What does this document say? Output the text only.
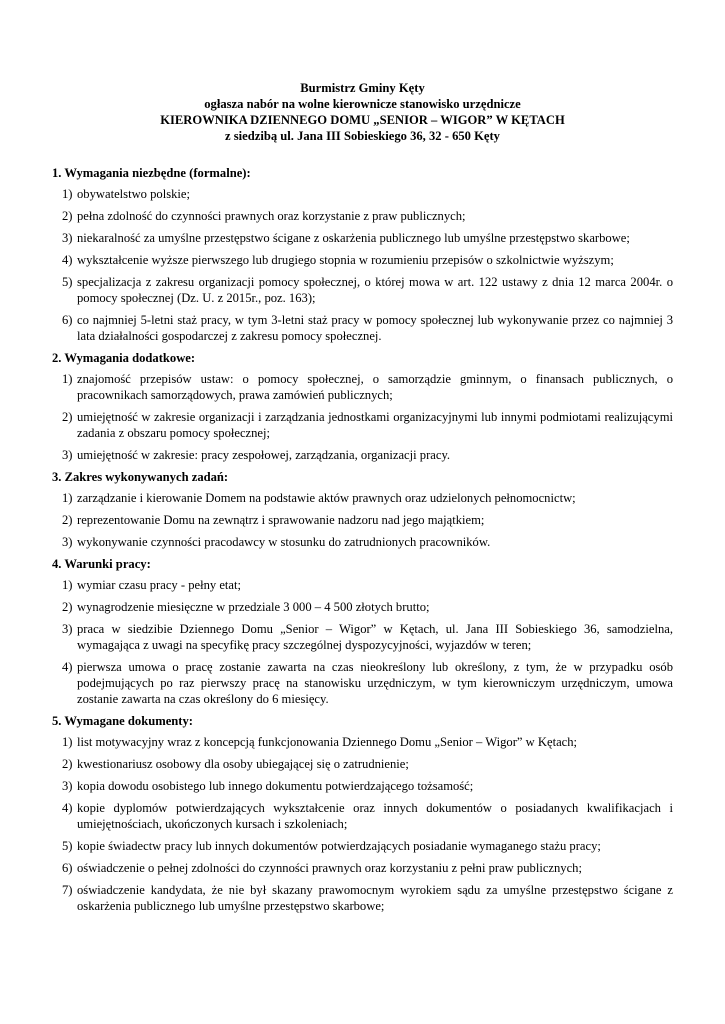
Burmistrz Gminy Kęty
ogłasza nabór na wolne kierownicze stanowisko urzędnicze
KIEROWNIKA DZIENNEGO DOMU „SENIOR – WIGOR” W KĘTACH
z siedzibą ul. Jana III Sobieskiego 36, 32 - 650 Kęty
1. Wymagania niezbędne (formalne):
1) obywatelstwo polskie;
2) pełna zdolność do czynności prawnych oraz korzystanie z praw publicznych;
3) niekaralność za umyślne przestępstwo ścigane z oskarżenia publicznego lub umyślne przestępstwo skarbowe;
4) wykształcenie wyższe pierwszego lub drugiego stopnia w rozumieniu przepisów o szkolnictwie wyższym;
5) specjalizacja z zakresu organizacji pomocy społecznej, o której mowa w art. 122 ustawy z dnia 12 marca 2004r. o pomocy społecznej (Dz. U. z 2015r., poz. 163);
6) co najmniej 5-letni staż pracy, w tym 3-letni staż pracy w pomocy społecznej lub wykonywanie przez co najmniej 3 lata działalności gospodarczej z zakresu pomocy społecznej.
2. Wymagania dodatkowe:
1) znajomość przepisów ustaw: o pomocy społecznej, o samorządzie gminnym, o finansach publicznych, o pracownikach samorządowych, prawa zamówień publicznych;
2) umiejętność w zakresie organizacji i zarządzania jednostkami organizacyjnymi lub innymi podmiotami realizującymi zadania z obszaru pomocy społecznej;
3) umiejętność w zakresie: pracy zespołowej, zarządzania, organizacji pracy.
3. Zakres wykonywanych zadań:
1) zarządzanie i kierowanie Domem na podstawie aktów prawnych oraz udzielonych pełnomocnictw;
2) reprezentowanie Domu na zewnątrz i sprawowanie nadzoru nad jego majątkiem;
3) wykonywanie czynności pracodawcy w stosunku do zatrudnionych pracowników.
4. Warunki pracy:
1) wymiar czasu pracy - pełny etat;
2) wynagrodzenie miesięczne w przedziale 3 000 – 4 500 złotych brutto;
3) praca w siedzibie Dziennego Domu „Senior – Wigor” w Kętach, ul. Jana III Sobieskiego 36, samodzielna, wymagająca z uwagi na specyfikę pracy szczególnej dyspozycyjności, wyjazdów w teren;
4) pierwsza umowa o pracę zostanie zawarta na czas nieokreślony lub określony, z tym, że w przypadku osób podejmujących po raz pierwszy pracę na stanowisku urzędniczym, w tym kierowniczym urzędniczym, umowa zostanie zawarta na czas określony do 6 miesięcy.
5. Wymagane dokumenty:
1) list motywacyjny wraz z koncepcją funkcjonowania Dziennego Domu „Senior – Wigor” w Kętach;
2) kwestionariusz osobowy dla osoby ubiegającej się o zatrudnienie;
3) kopia dowodu osobistego lub innego dokumentu potwierdzającego tożsamość;
4) kopie dyplomów potwierdzających wykształcenie oraz innych dokumentów o posiadanych kwalifikacjach i umiejętnościach, ukończonych kursach i szkoleniach;
5) kopie świadectw pracy lub innych dokumentów potwierdzających posiadanie wymaganego stażu pracy;
6) oświadczenie o pełnej zdolności do czynności prawnych oraz korzystaniu z pełni praw publicznych;
7) oświadczenie kandydata, że nie był skazany prawomocnym wyrokiem sądu za umyślne przestępstwo ścigane z oskarżenia publicznego lub umyślne przestępstwo skarbowe;
